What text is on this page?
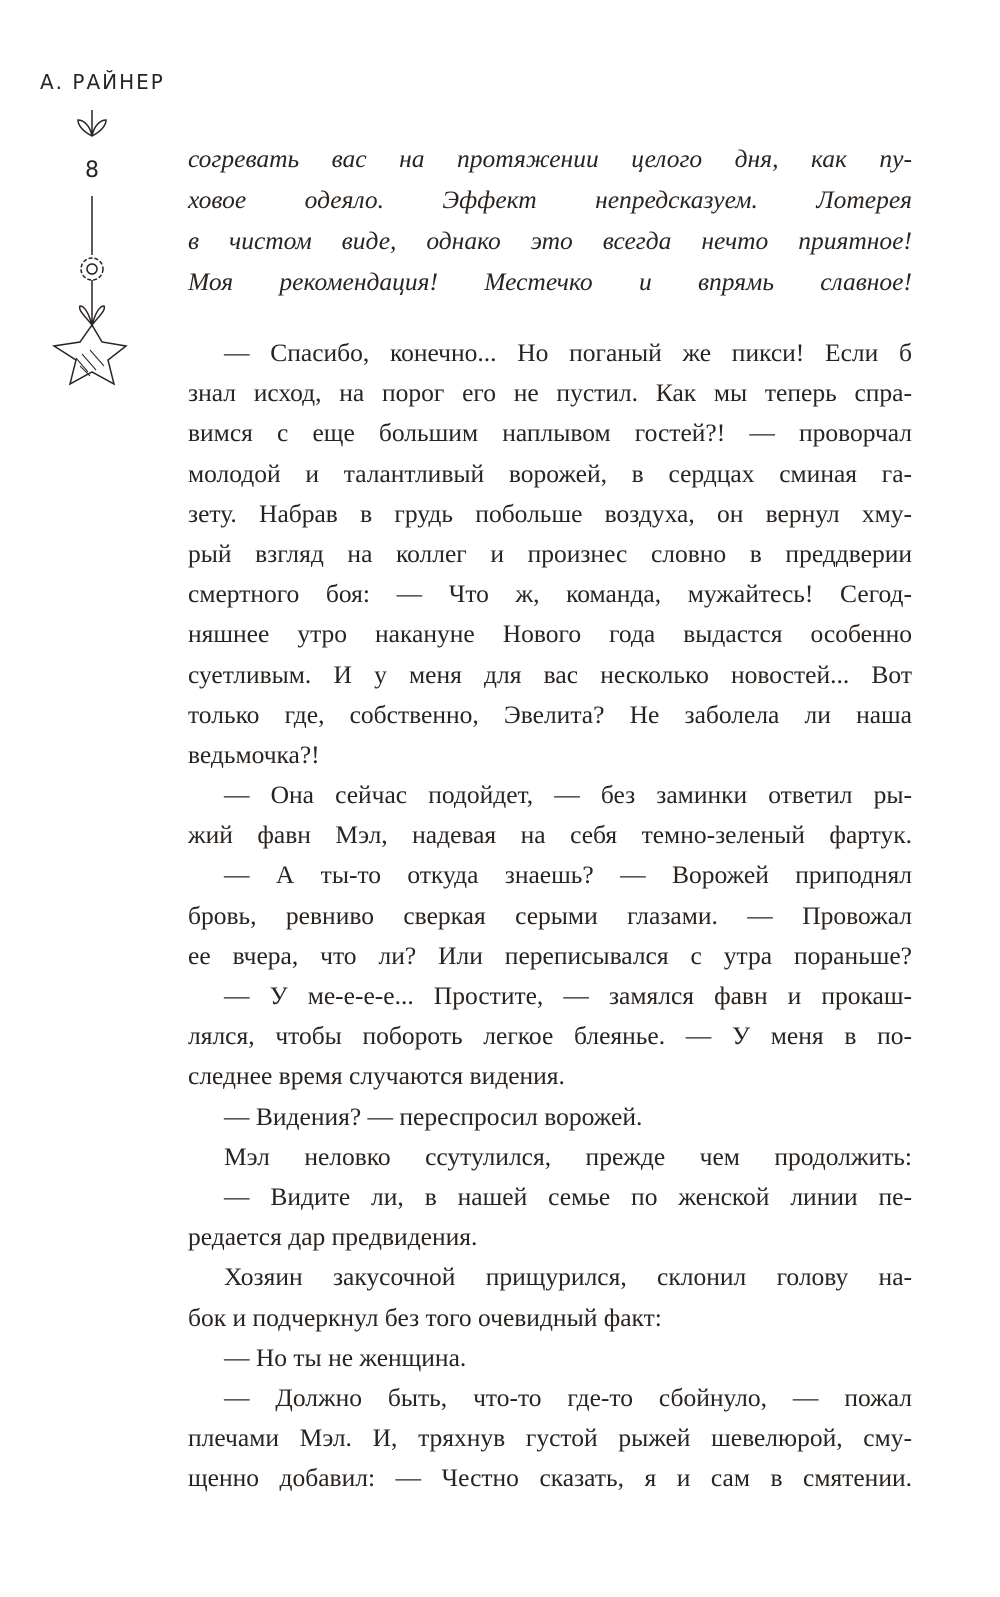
А. РАЙНЕР
8	согревать вас на протяжении целого дня, как пу-
ховое одеяло. Эффект непредсказуем. Лотерея
в чистом виде, однако это всегда нечто приятное!
Моя рекомендация! Местечко и впрямь славное!
— Спасибо, конечно... Но поганый же пикси! Если б
знал исход, на порог его не пустил. Как мы теперь спра-
вимся с еще большим наплывом гостей?! — проворчал
молодой и талантливый ворожей, в сердцах сминая га-
зету. Набрав в грудь побольше воздуха, он вернул хму-
рый взгляд на коллег и произнес словно в преддверии
смертного боя: — Что ж, команда, мужайтесь! Сегод-
няшнее утро накануне Нового года выдастся особенно
суетливым. И у меня для вас несколько новостей... Вот
только где, собственно, Эвелита? Не заболела ли наша
ведьмочка?!
— Она сейчас подойдет, — без заминки ответил ры-
жий фавн Мэл, надевая на себя темно-зеленый фартук.
— А ты-то откуда знаешь? — Ворожей приподнял
бровь, ревниво сверкая серыми глазами. — Провожал
ее вчера, что ли? Или переписывался с утра пораньше?
— У ме-е-е-е... Простите, — замялся фавн и прокаш-
лялся, чтобы побороть легкое блеянье. — У меня в по-
следнее время случаются видения.
— Видения? — переспросил ворожей.
Мэл неловко ссутулился, прежде чем продолжить:
— Видите ли, в нашей семье по женской линии пе-
редается дар предвидения.
Хозяин закусочной прищурился, склонил голову на-
бок и подчеркнул без того очевидный факт:
— Но ты не женщина.
— Должно быть, что-то где-то сбойнуло, — пожал
плечами Мэл. И, тряхнув густой рыжей шевелюрой, сму-
щенно добавил: — Честно сказать, я и сам в смятении.
